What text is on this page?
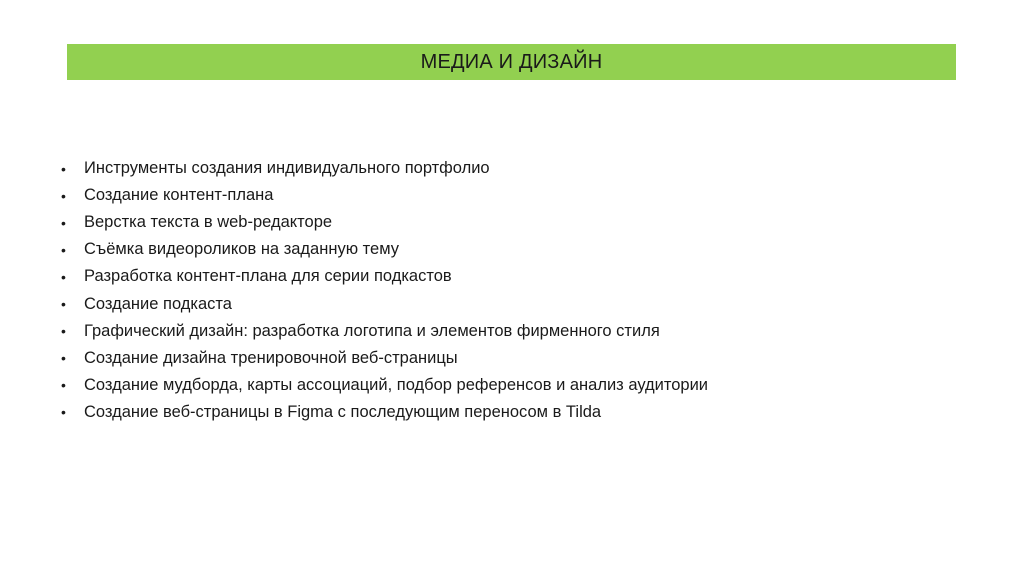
МЕДИА И ДИЗАЙН
•	Инструменты создания индивидуального портфолио
•	Создание контент-плана
•	Верстка текста в web-редакторе
•	Съёмка видеороликов на заданную тему
•	Разработка контент-плана для серии подкастов
•	Создание подкаста
•	Графический дизайн: разработка логотипа и элементов фирменного стиля
•	Создание дизайна тренировочной веб-страницы
•	Создание мудборда, карты ассоциаций, подбор референсов и анализ аудитории
•	Создание веб-страницы в Figma с последующим переносом в Tilda
